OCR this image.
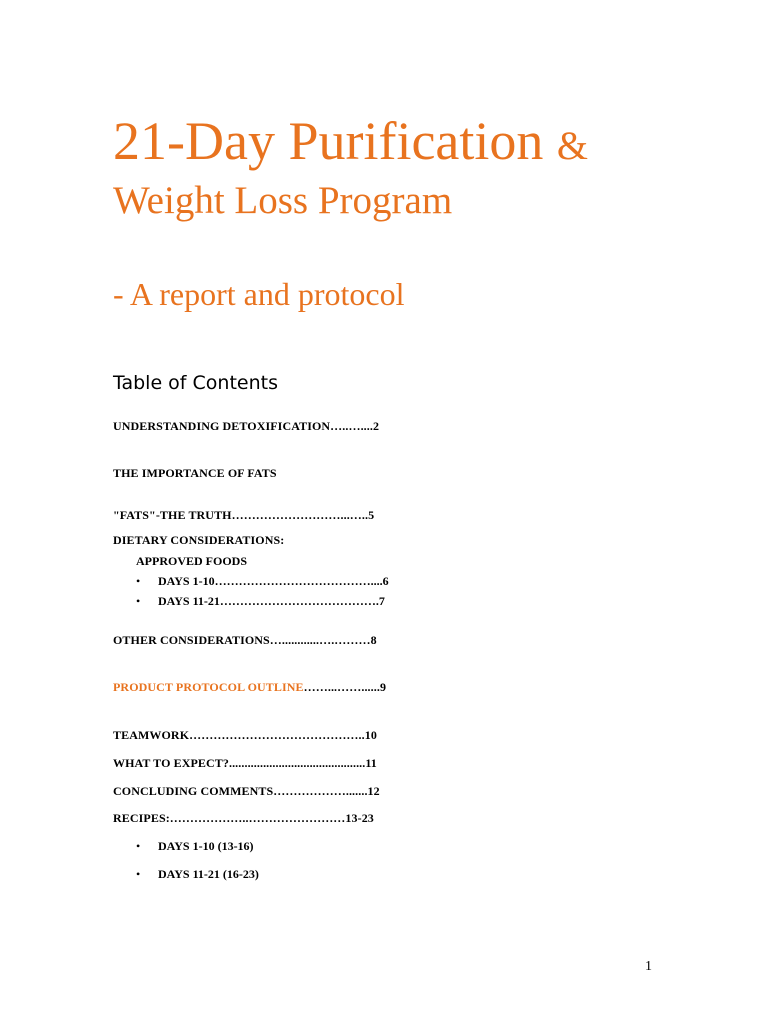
21-Day Purification &
Weight Loss Program
- A report and protocol
Table of Contents
UNDERSTANDING DETOXIFICATION…..…....2
THE IMPORTANCE OF FATS
"FATS"-THE TRUTH………………………...…..5
DIETARY CONSIDERATIONS:
APPROVED FOODS
• DAYS 1-10…………………………………....6
• DAYS 11-21………………………………….7
OTHER CONSIDERATIONS…............….………8
PRODUCT PROTOCOL OUTLINE……...……......9
TEAMWORK……………………………………..10
WHAT TO EXPECT?............................................11
CONCLUDING COMMENTS……………….......12
RECIPES:………………..……………………13-23
• DAYS 1-10 (13-16)
• DAYS 11-21 (16-23)
1
